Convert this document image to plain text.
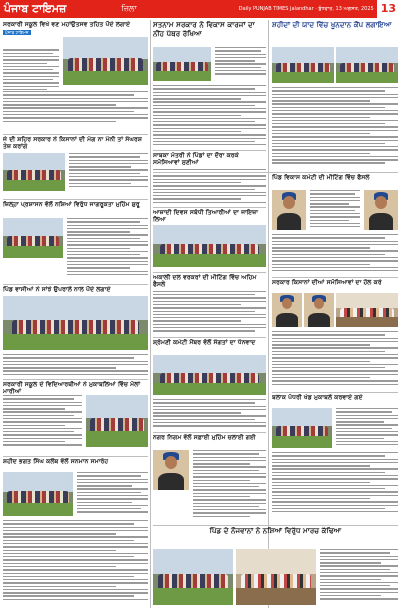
ਪੰਜਾਬ ਟਾਇਮਜ਼	ਜ਼ਿਲਾ	Daily PUNJAB TIMES Jalandhar · ਬੁੱਧਵਾਰ, 13 ਅਗਸਤ, 2025 13
ਸਰਕਾਰੀ ਸਕੂਲ ਵਿਖੇ ਵਣ ਮਹਾਂਉਤਸਵ ਤਹਿਤ ਪੌਦੇ ਲਗਾਏ
ਪੰਜਾਬ ਟਾਇਮਜ਼
ਜੇ ਦੀ ਸ਼ਹਿਰ ਸਰਕਾਰ ਨੇ ਕਿਸਾਨਾਂ ਦੀ ਮੰਗ ਨਾ ਮੰਨੀ ਤਾਂ ਸੰਘਰਸ਼ ਤੇਜ਼ ਕਰਾਂਗੇ
ਜ਼ਿਲ੍ਹਾ ਪ੍ਰਸ਼ਾਸਨ ਵੱਲੋਂ ਨਸ਼ਿਆਂ ਵਿਰੁੱਧ ਜਾਗਰੂਕਤਾ ਮੁਹਿੰਮ ਸ਼ੁਰੂ
ਪਿੰਡ ਵਾਸੀਆਂ ਨੇ ਸਾਂਝੇ ਉਪਰਾਲੇ ਨਾਲ ਪੌਦੇ ਲਗਾਏ
ਸਰਕਾਰੀ ਸਕੂਲ ਦੇ ਵਿਦਿਆਰਥੀਆਂ ਨੇ ਮੁਕਾਬਲਿਆਂ ਵਿੱਚ ਮੱਲਾਂ ਮਾਰੀਆਂ
ਸ਼ਹੀਦ ਭਗਤ ਸਿੰਘ ਕਲੱਬ ਵੱਲੋਂ ਸਨਮਾਨ ਸਮਾਰੋਹ
ਸਤਨਾਮ ਸਰਕਾਰ ਨੇ ਵਿਕਾਸ ਕਾਰਜਾਂ ਦਾ ਨੀਂਹ ਪੱਥਰ ਰੱਖਿਆ
ਸਾਬਕਾ ਮੰਤਰੀ ਨੇ ਪਿੰਡਾਂ ਦਾ ਦੌਰਾ ਕਰਕੇ ਸਮੱਸਿਆਵਾਂ ਸੁਣੀਆਂ
ਆਜ਼ਾਦੀ ਦਿਵਸ ਸਬੰਧੀ ਤਿਆਰੀਆਂ ਦਾ ਜਾਇਜ਼ਾ ਲਿਆ
ਅਕਾਲੀ ਦਲ ਵਰਕਰਾਂ ਦੀ ਮੀਟਿੰਗ ਵਿੱਚ ਅਹਿਮ ਫੈਸਲੇ
ਸ਼੍ਰੋਮਣੀ ਕਮੇਟੀ ਮੈਂਬਰ ਵੱਲੋਂ ਸੰਗਤਾਂ ਦਾ ਧੰਨਵਾਦ
ਨਗਰ ਨਿਗਮ ਵੱਲੋਂ ਸਫ਼ਾਈ ਮੁਹਿੰਮ ਚਲਾਈ ਗਈ
ਸ਼ਹੀਦਾਂ ਦੀ ਯਾਦ ਵਿੱਚ ਖੂਨਦਾਨ ਕੈਂਪ ਲਗਾਇਆ
ਪਿੰਡ ਵਿਕਾਸ ਕਮੇਟੀ ਦੀ ਮੀਟਿੰਗ ਵਿੱਚ ਫੈਸਲੇ
ਸਰਕਾਰ ਕਿਸਾਨਾਂ ਦੀਆਂ ਸਮੱਸਿਆਵਾਂ ਦਾ ਹੱਲ ਕਰੇ
ਬਲਾਕ ਪੱਧਰੀ ਖੇਡ ਮੁਕਾਬਲੇ ਕਰਵਾਏ ਗਏ
ਪਿੰਡ ਦੇ ਨੌਜਵਾਨਾਂ ਨੇ ਨਸ਼ਿਆਂ ਵਿਰੁੱਧ ਮਾਰਚ ਕੱਢਿਆ
